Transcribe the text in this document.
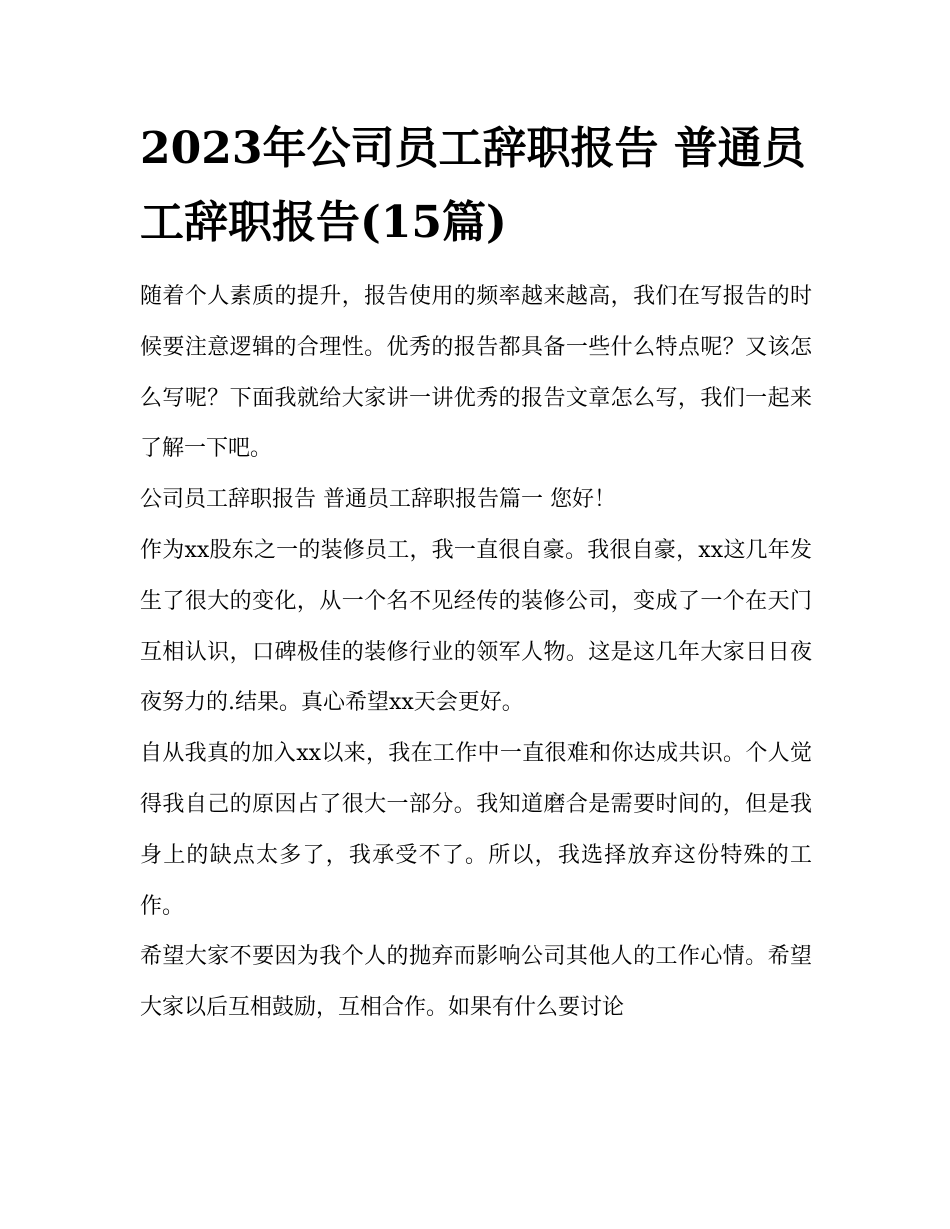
2023年公司员工辞职报告 普通员工辞职报告(15篇)

随着个人素质的提升，报告使用的频率越来越高，我们在写报告的时候要注意逻辑的合理性。优秀的报告都具备一些什么特点呢？又该怎么写呢？下面我就给大家讲一讲优秀的报告文章怎么写，我们一起来了解一下吧。

公司员工辞职报告 普通员工辞职报告篇一 您好！

作为xx股东之一的装修员工，我一直很自豪。我很自豪，xx这几年发生了很大的变化，从一个名不见经传的装修公司，变成了一个在天门互相认识，口碑极佳的装修行业的领军人物。这是这几年大家日日夜夜努力的.结果。真心希望xx天会更好。

自从我真的加入xx以来，我在工作中一直很难和你达成共识。个人觉得我自己的原因占了很大一部分。我知道磨合是需要时间的，但是我身上的缺点太多了，我承受不了。所以，我选择放弃这份特殊的工作。

希望大家不要因为我个人的抛弃而影响公司其他人的工作心情。希望大家以后互相鼓励，互相合作。如果有什么要讨论
